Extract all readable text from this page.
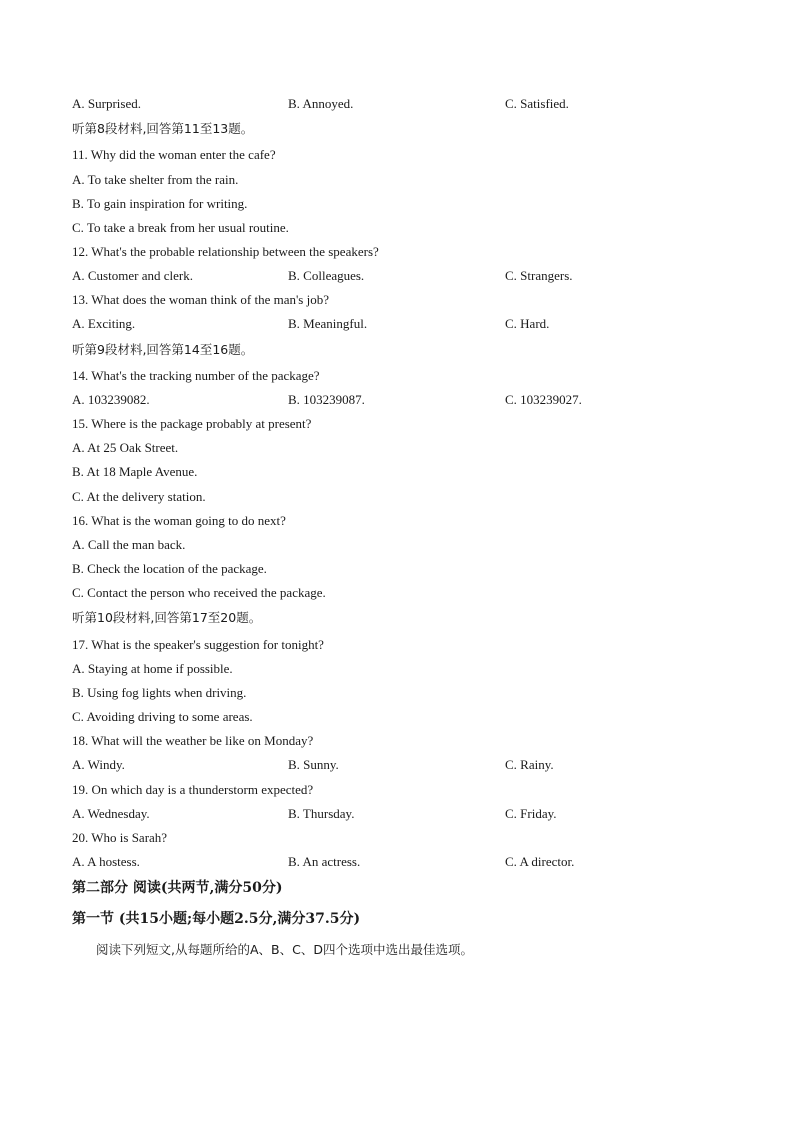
A. Surprised.	B. Annoyed.	C. Satisfied.
听第8段材料,回答第11至13题。
11. Why did the woman enter the cafe?
A. To take shelter from the rain.
B. To gain inspiration for writing.
C. To take a break from her usual routine.
12. What's the probable relationship between the speakers?
A. Customer and clerk.	B. Colleagues.	C. Strangers.
13. What does the woman think of the man's job?
A. Exciting.	B. Meaningful.	C. Hard.
听第9段材料,回答第14至16题。
14. What's the tracking number of the package?
A. 103239082.	B. 103239087.	C. 103239027.
15. Where is the package probably at present?
A. At 25 Oak Street.
B. At 18 Maple Avenue.
C. At the delivery station.
16. What is the woman going to do next?
A. Call the man back.
B. Check the location of the package.
C. Contact the person who received the package.
听第10段材料,回答第17至20题。
17. What is the speaker's suggestion for tonight?
A. Staying at home if possible.
B. Using fog lights when driving.
C. Avoiding driving to some areas.
18. What will the weather be like on Monday?
A. Windy.	B. Sunny.	C. Rainy.
19. On which day is a thunderstorm expected?
A. Wednesday.	B. Thursday.	C. Friday.
20. Who is Sarah?
A. A hostess.	B. An actress.	C. A director.
第二部分 阅读(共两节,满分50分)
第一节 (共15小题;每小题2.5分,满分37.5分)
阅读下列短文,从每题所给的A、B、C、D四个选项中选出最佳选项。
